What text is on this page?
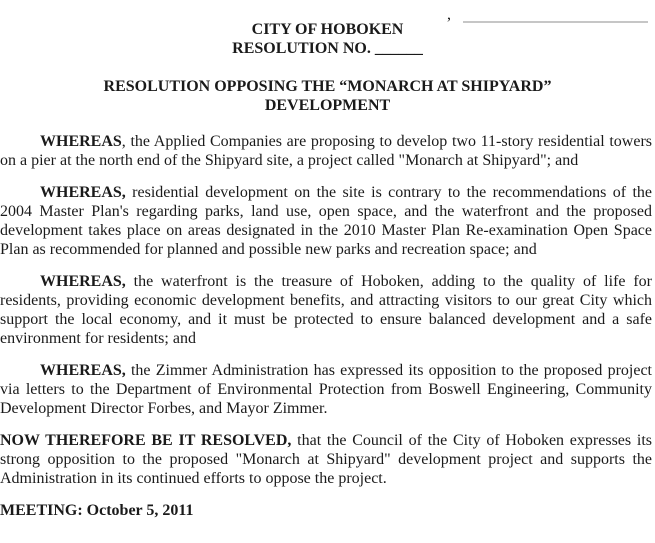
,
CITY OF HOBOKEN
RESOLUTION NO. ______
RESOLUTION OPPOSING THE “MONARCH AT SHIPYARD”
DEVELOPMENT

WHEREAS, the Applied Companies are proposing to develop two 11-story residential towers on a pier at the north end of the Shipyard site, a project called "Monarch at Shipyard"; and

WHEREAS, residential development on the site is contrary to the recommendations of the 2004 Master Plan's regarding parks, land use, open space, and the waterfront and the proposed development takes place on areas designated in the 2010 Master Plan Re-examination Open Space Plan as recommended for planned and possible new parks and recreation space; and

WHEREAS, the waterfront is the treasure of Hoboken, adding to the quality of life for residents, providing economic development benefits, and attracting visitors to our great City which support the local economy, and it must be protected to ensure balanced development and a safe environment for residents; and

WHEREAS, the Zimmer Administration has expressed its opposition to the proposed project via letters to the Department of Environmental Protection from Boswell Engineering, Community Development Director Forbes, and Mayor Zimmer.

NOW THEREFORE BE IT RESOLVED, that the Council of the City of Hoboken expresses its strong opposition to the proposed "Monarch at Shipyard" development project and supports the Administration in its continued efforts to oppose the project.

MEETING: October 5, 2011
